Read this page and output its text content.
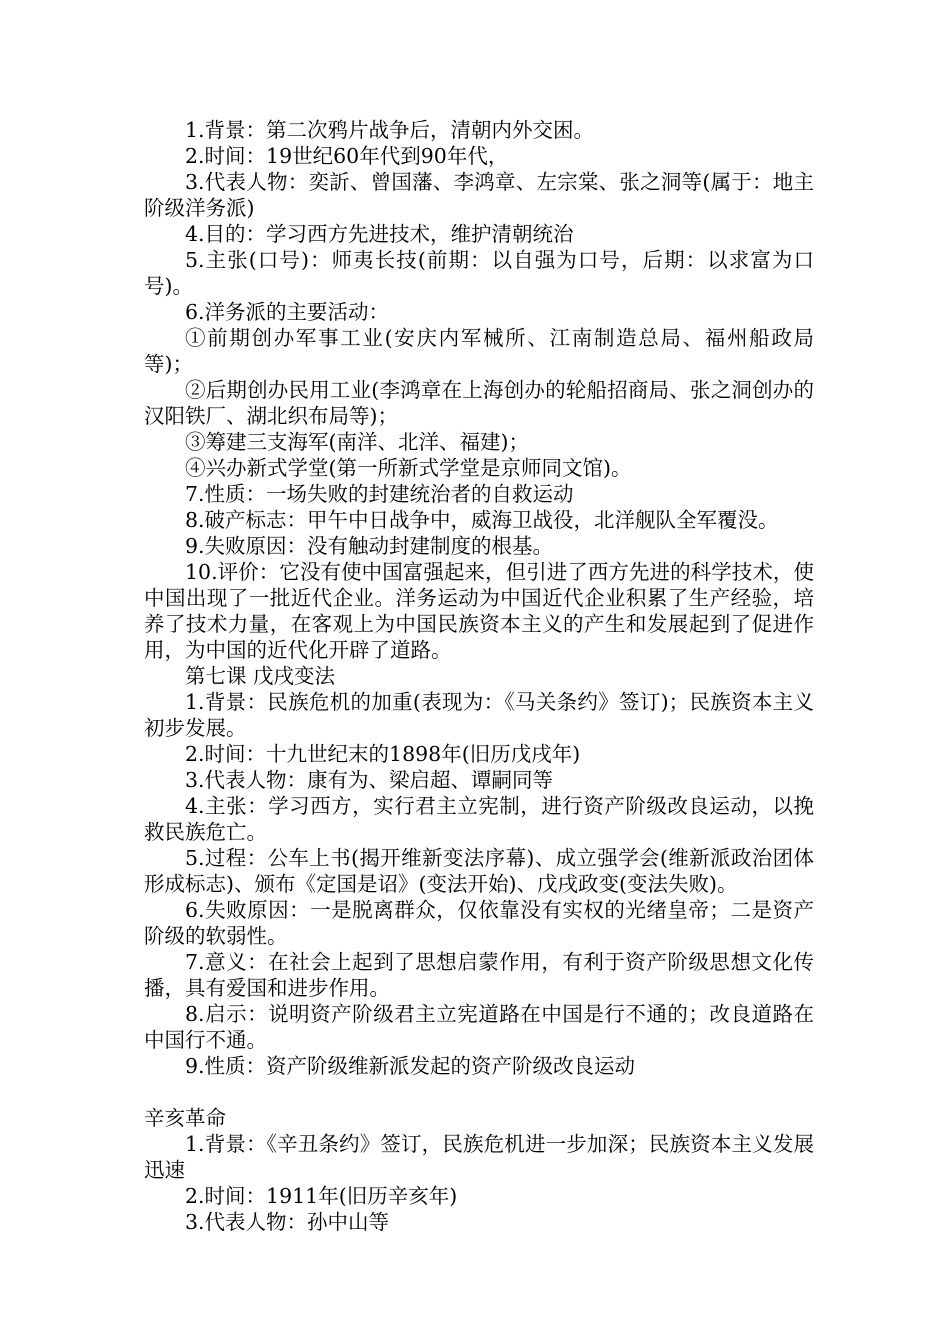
1.背景：第二次鸦片战争后，清朝内外交困。

2.时间：19世纪60年代到90年代，

3.代表人物：奕訢、曾国藩、李鸿章、左宗棠、张之洞等(属于：地主阶级洋务派)

4.目的：学习西方先进技术，维护清朝统治

5.主张(口号)：师夷长技(前期：以自强为口号，后期：以求富为口号)。

6.洋务派的主要活动：

①前期创办军事工业(安庆内军械所、江南制造总局、福州船政局等)；

②后期创办民用工业(李鸿章在上海创办的轮船招商局、张之洞创办的汉阳铁厂、湖北织布局等)；

③筹建三支海军(南洋、北洋、福建)；

④兴办新式学堂(第一所新式学堂是京师同文馆)。

7.性质：一场失败的封建统治者的自救运动

8.破产标志：甲午中日战争中，威海卫战役，北洋舰队全军覆没。

9.失败原因：没有触动封建制度的根基。

10.评价：它没有使中国富强起来，但引进了西方先进的科学技术，使中国出现了一批近代企业。洋务运动为中国近代企业积累了生产经验，培养了技术力量，在客观上为中国民族资本主义的产生和发展起到了促进作用，为中国的近代化开辟了道路。

第七课 戊戌变法

1.背景：民族危机的加重(表现为：《马关条约》签订)；民族资本主义初步发展。

2.时间：十九世纪末的1898年(旧历戊戌年)

3.代表人物：康有为、梁启超、谭嗣同等

4.主张：学习西方，实行君主立宪制，进行资产阶级改良运动，以挽救民族危亡。

5.过程：公车上书(揭开维新变法序幕)、成立强学会(维新派政治团体形成标志)、颁布《定国是诏》(变法开始)、戊戌政变(变法失败)。

6.失败原因：一是脱离群众，仅依靠没有实权的光绪皇帝；二是资产阶级的软弱性。

7.意义：在社会上起到了思想启蒙作用，有利于资产阶级思想文化传播，具有爱国和进步作用。

8.启示：说明资产阶级君主立宪道路在中国是行不通的；改良道路在中国行不通。

9.性质：资产阶级维新派发起的资产阶级改良运动

辛亥革命

1.背景：《辛丑条约》签订，民族危机进一步加深；民族资本主义发展迅速

2.时间：1911年(旧历辛亥年)

3.代表人物：孙中山等
